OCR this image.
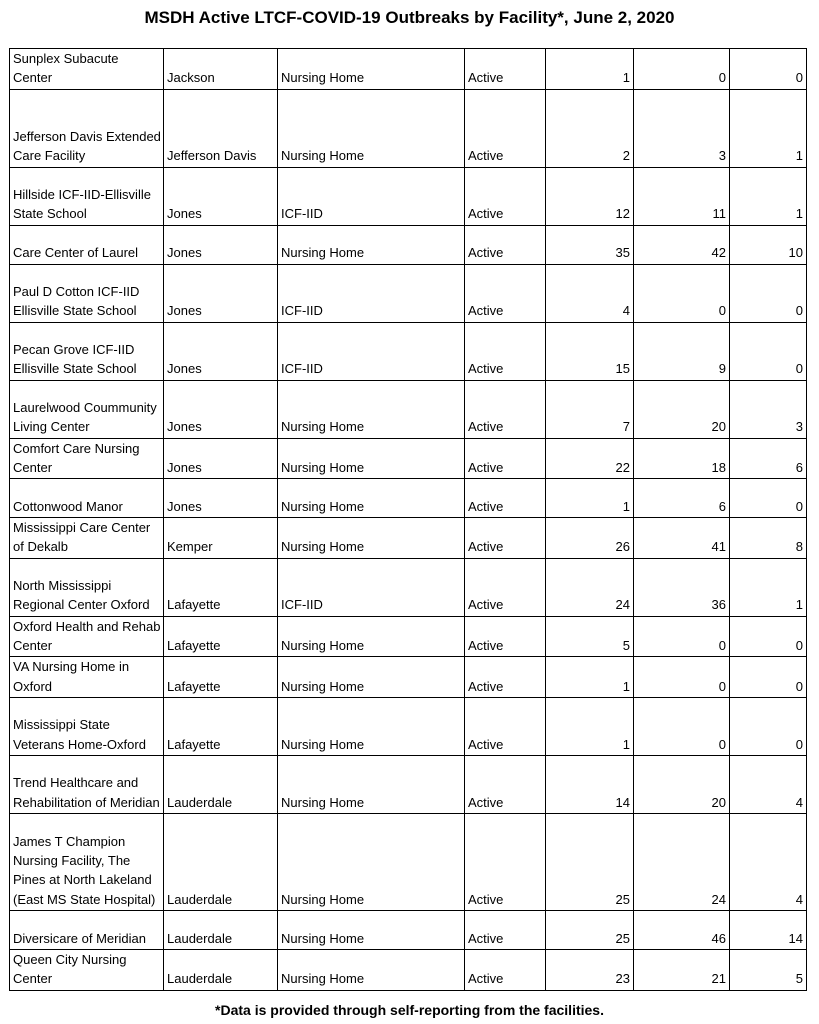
MSDH Active LTCF-COVID-19 Outbreaks by Facility*, June 2, 2020
Sunplex Subacute Center	Jackson	Nursing Home	Active	1	0	0
Jefferson Davis Extended Care Facility	Jefferson Davis	Nursing Home	Active	2	3	1
Hillside ICF-IID-Ellisville State School	Jones	ICF-IID	Active	12	11	1
Care Center of Laurel	Jones	Nursing Home	Active	35	42	10
Paul D Cotton ICF-IID Ellisville State School	Jones	ICF-IID	Active	4	0	0
Pecan Grove ICF-IID Ellisville State School	Jones	ICF-IID	Active	15	9	0
Laurelwood Coummunity Living Center	Jones	Nursing Home	Active	7	20	3
Comfort Care Nursing Center	Jones	Nursing Home	Active	22	18	6
Cottonwood Manor	Jones	Nursing Home	Active	1	6	0
Mississippi Care Center of Dekalb	Kemper	Nursing Home	Active	26	41	8
North Mississippi Regional Center Oxford	Lafayette	ICF-IID	Active	24	36	1
Oxford Health and Rehab Center	Lafayette	Nursing Home	Active	5	0	0
VA Nursing Home in Oxford	Lafayette	Nursing Home	Active	1	0	0
Mississippi State Veterans Home-Oxford	Lafayette	Nursing Home	Active	1	0	0
Trend Healthcare and Rehabilitation of Meridian	Lauderdale	Nursing Home	Active	14	20	4
James T Champion Nursing Facility, The Pines at North Lakeland (East MS State Hospital)	Lauderdale	Nursing Home	Active	25	24	4
Diversicare of Meridian	Lauderdale	Nursing Home	Active	25	46	14
Queen City Nursing Center	Lauderdale	Nursing Home	Active	23	21	5
*Data is provided through self-reporting from the facilities.
